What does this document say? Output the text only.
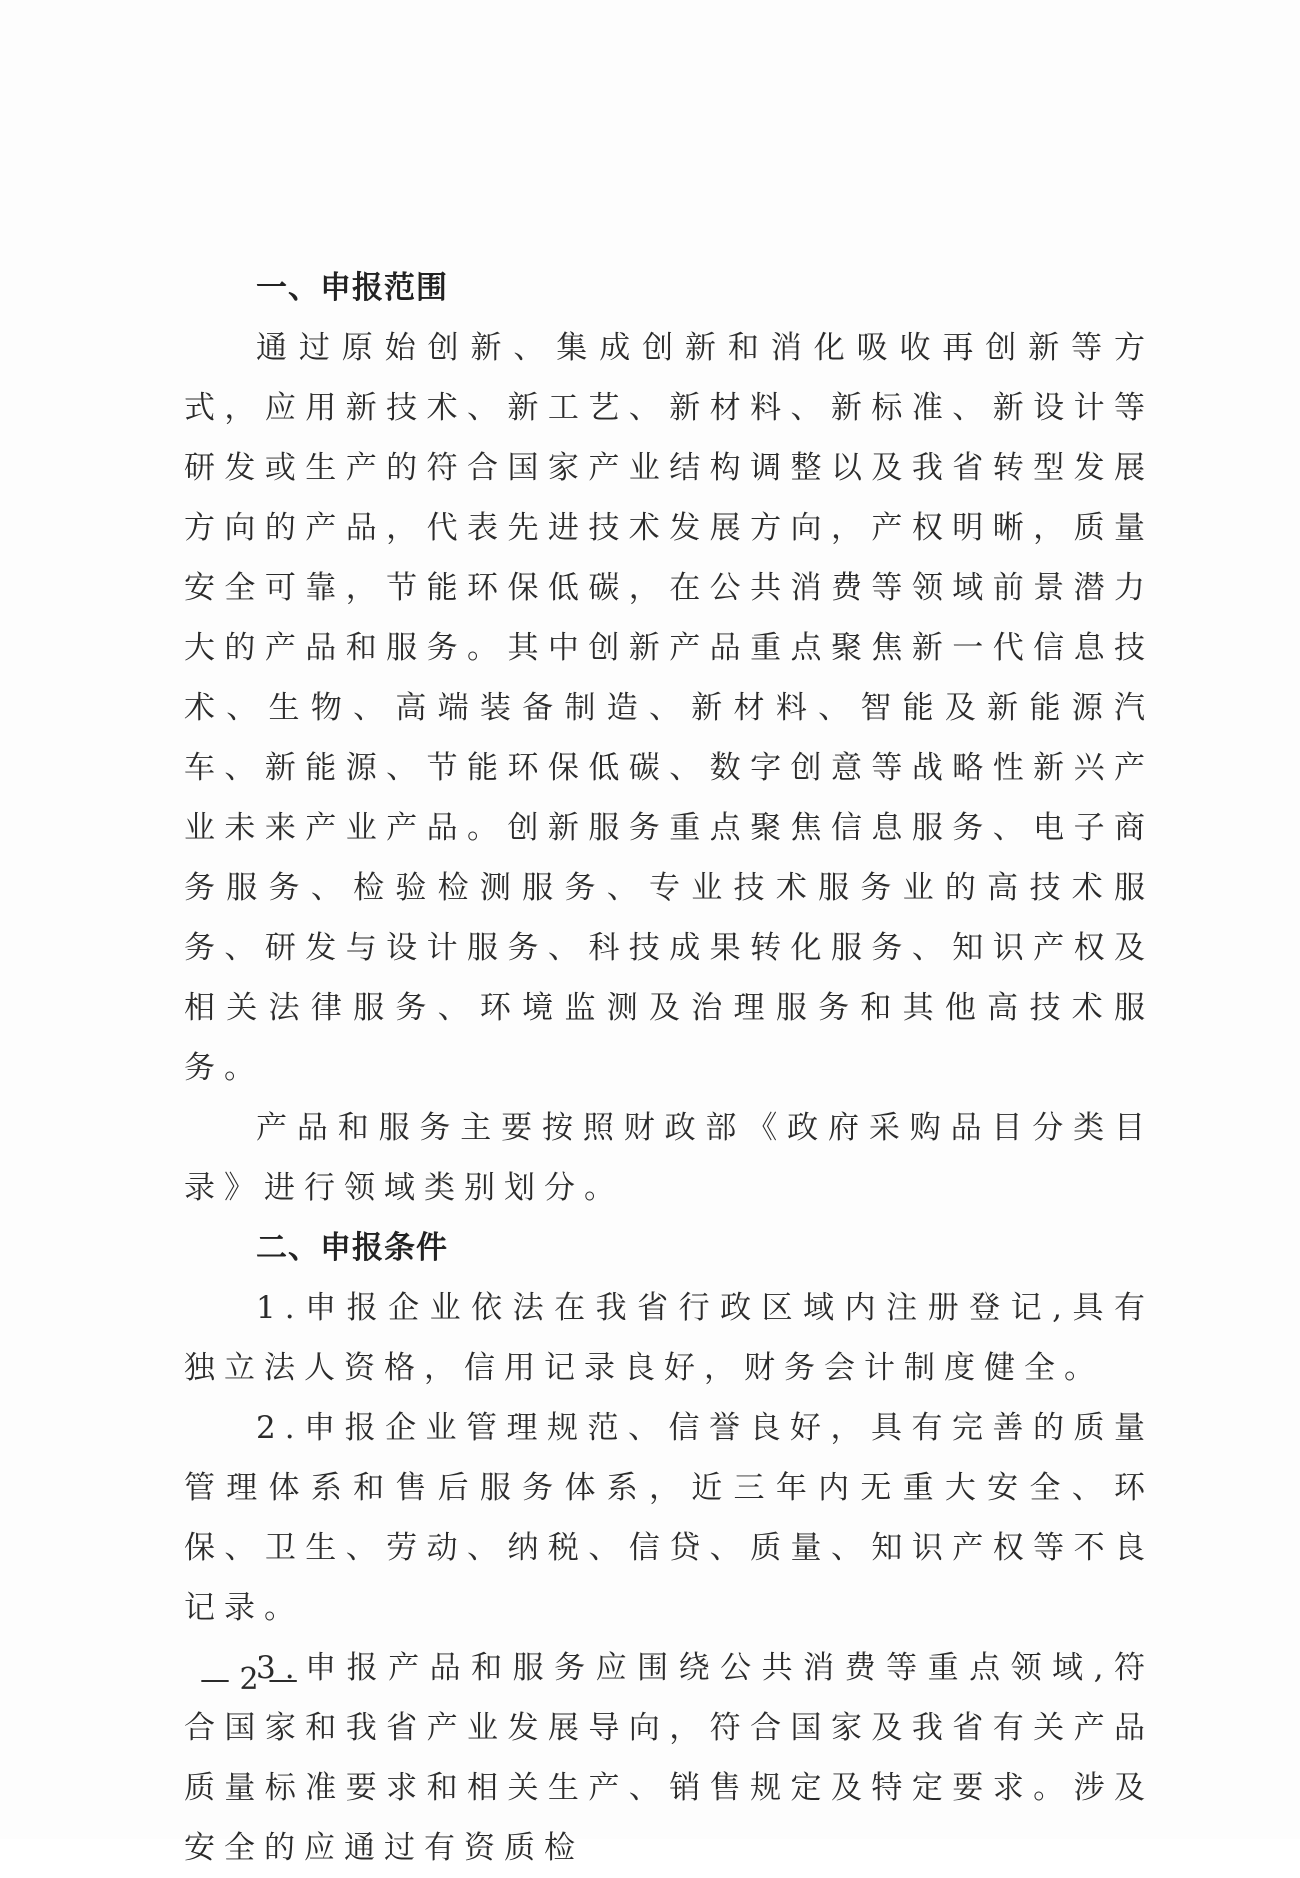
一、申报范围

通过原始创新、集成创新和消化吸收再创新等方式，应用新技术、新工艺、新材料、新标准、新设计等研发或生产的符合国家产业结构调整以及我省转型发展方向的产品，代表先进技术发展方向，产权明晰，质量安全可靠，节能环保低碳，在公共消费等领域前景潜力大的产品和服务。其中创新产品重点聚焦新一代信息技术、生物、高端装备制造、新材料、智能及新能源汽车、新能源、节能环保低碳、数字创意等战略性新兴产业未来产业产品。创新服务重点聚焦信息服务、电子商务服务、检验检测服务、专业技术服务业的高技术服务、研发与设计服务、科技成果转化服务、知识产权及相关法律服务、环境监测及治理服务和其他高技术服务。

产品和服务主要按照财政部《政府采购品目分类目录》进行领域类别划分。

二、申报条件

1.申报企业依法在我省行政区域内注册登记,具有独立法人资格，信用记录良好，财务会计制度健全。

2.申报企业管理规范、信誉良好，具有完善的质量管理体系和售后服务体系，近三年内无重大安全、环保、卫生、劳动、纳税、信贷、质量、知识产权等不良记录。

3.申报产品和服务应围绕公共消费等重点领域,符合国家和我省产业发展导向，符合国家及我省有关产品质量标准要求和相关生产、销售规定及特定要求。涉及安全的应通过有资质检

— 2 —
